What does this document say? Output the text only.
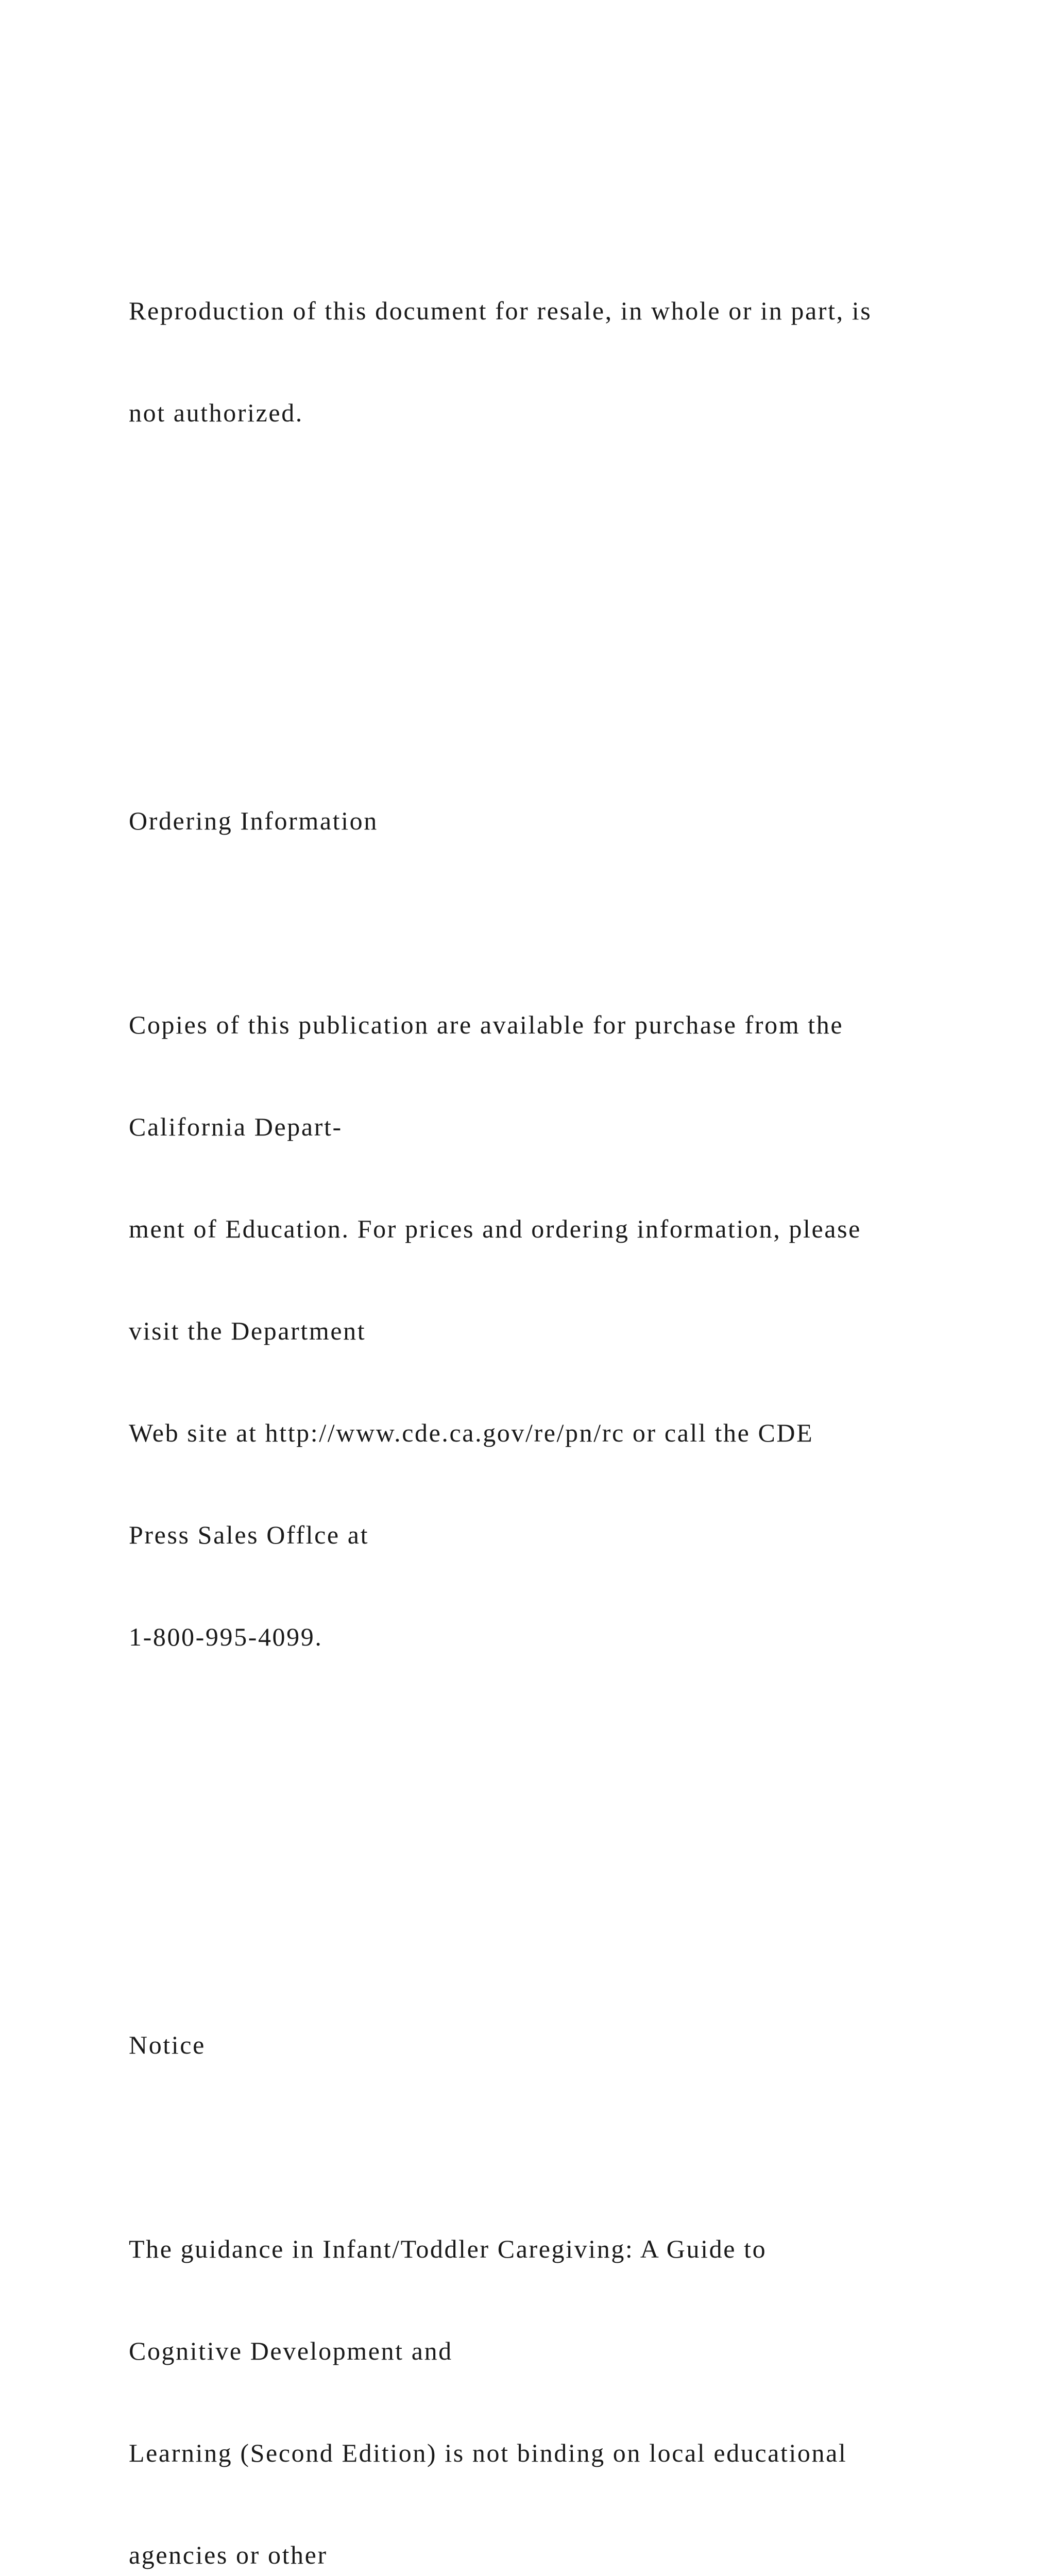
Reproduction of this document for resale, in whole or in part, is

not authorized.

Ordering Information

Copies of this publication are available for purchase from the

California Depart-

ment of Education. For prices and ordering information, please

visit the Department

Web site at http://www.cde.ca.gov/re/pn/rc or call the CDE

Press Sales Offlce at

1-800-995-4099.

Notice

The guidance in Infant/Toddler Caregiving: A Guide to

Cognitive Development and

Learning (Second Edition) is not binding on local educational

agencies or other
